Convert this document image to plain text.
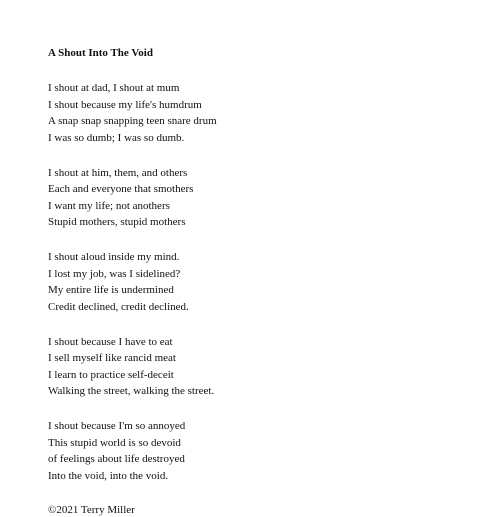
A Shout Into The Void
I shout at dad, I shout at mum
I shout because my life's humdrum
A snap snap snapping teen snare drum
I was so dumb; I was so dumb.
I shout at him, them, and others
Each and everyone that smothers
I want my life; not anothers
Stupid mothers, stupid mothers
I shout aloud inside my mind.
I lost my job, was I sidelined?
My entire life is undermined
Credit declined, credit declined.
I shout because I have to eat
I sell myself like rancid meat
I learn to practice self-deceit
Walking the street, walking the street.
I shout because I'm so annoyed
This stupid world is so devoid
of feelings about life destroyed
Into the void, into the void.
©2021 Terry Miller
